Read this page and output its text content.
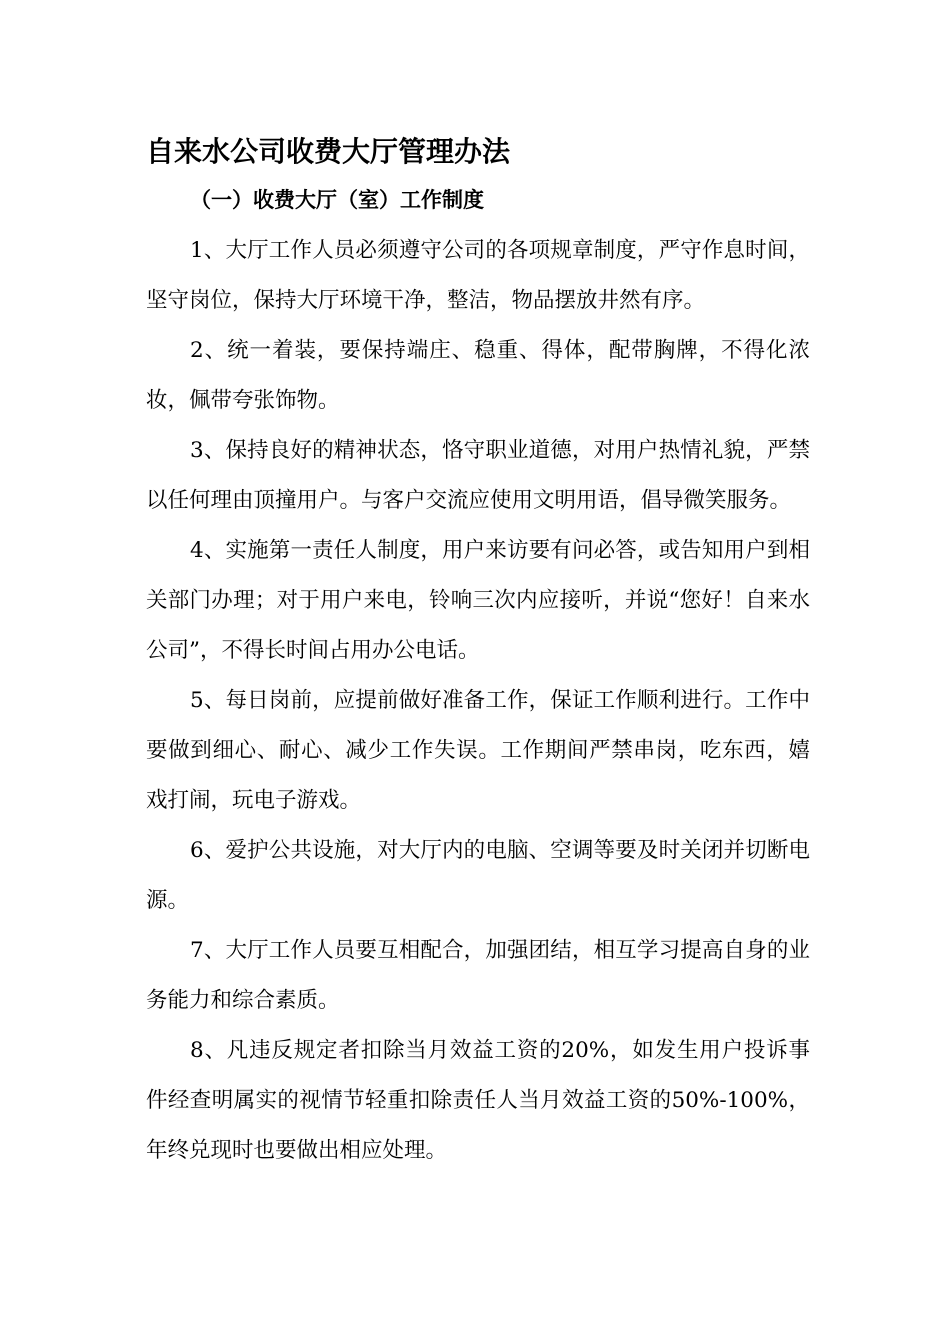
自来水公司收费大厅管理办法
（一）收费大厅（室）工作制度

1、大厅工作人员必须遵守公司的各项规章制度，严守作息时间，坚守岗位，保持大厅环境干净，整洁，物品摆放井然有序。

2、统一着装，要保持端庄、稳重、得体，配带胸牌，不得化浓妆，佩带夸张饰物。

3、保持良好的精神状态，恪守职业道德，对用户热情礼貌，严禁以任何理由顶撞用户。与客户交流应使用文明用语，倡导微笑服务。

4、实施第一责任人制度，用户来访要有问必答，或告知用户到相关部门办理；对于用户来电，铃响三次内应接听，并说“您好！自来水公司”，不得长时间占用办公电话。

5、每日岗前，应提前做好准备工作，保证工作顺利进行。工作中要做到细心、耐心、减少工作失误。工作期间严禁串岗，吃东西，嬉戏打闹，玩电子游戏。

6、爱护公共设施，对大厅内的电脑、空调等要及时关闭并切断电源。

7、大厅工作人员要互相配合，加强团结，相互学习提高自身的业务能力和综合素质。

8、凡违反规定者扣除当月效益工资的20%，如发生用户投诉事件经查明属实的视情节轻重扣除责任人当月效益工资的50%-100%，年终兑现时也要做出相应处理。
